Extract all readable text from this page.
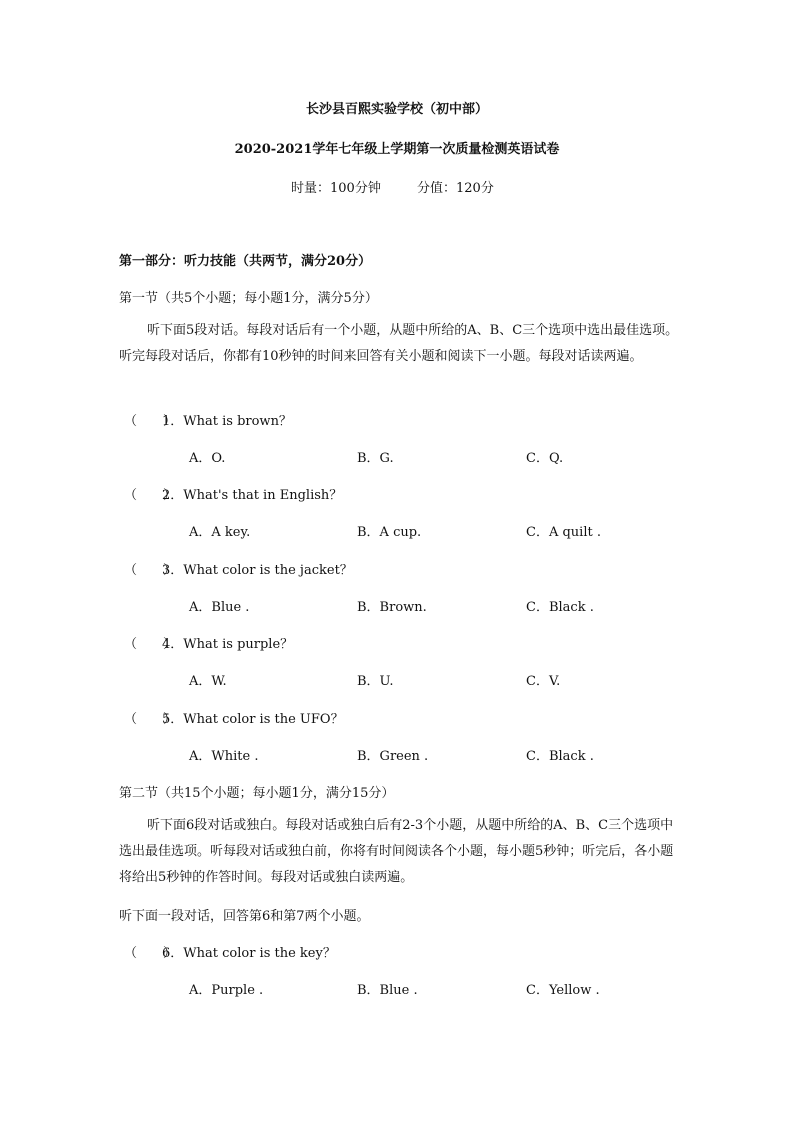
长沙县百熙实验学校（初中部）
2020-2021学年七年级上学期第一次质量检测英语试卷
时量：100分钟	分值：120分
第一部分：听力技能（共两节，满分20分）
第一节（共5个小题；每小题1分，满分5分）
听下面5段对话。每段对话后有一个小题，从题中所给的A、B、C三个选项中选出最佳选项。听完每段对话后，你都有10秒钟的时间来回答有关小题和阅读下一小题。每段对话读两遍。
（　　）
1．What is brown？
A．O.	B．G.	C．Q.
（　　）
2．What's that in English？
A．A key.	B．A cup.	C．A quilt .
（　　）
3．What color is the jacket？
A．Blue .	B．Brown.	C．Black .
（　　）
4．What is purple？
A．W.	B．U.	C．V.
（　　）
5．What color is the UFO？
A．White .	B．Green .	C．Black .
第二节（共15个小题；每小题1分，满分15分）
听下面6段对话或独白。每段对话或独白后有2-3个小题，从题中所给的A、B、C三个选项中选出最佳选项。听每段对话或独白前，你将有时间阅读各个小题，每小题5秒钟；听完后，各小题将给出5秒钟的作答时间。每段对话或独白读两遍。
听下面一段对话，回答第6和第7两个小题。
（　　）
6．What color is the key？
A．Purple .	B．Blue .	C．Yellow .
